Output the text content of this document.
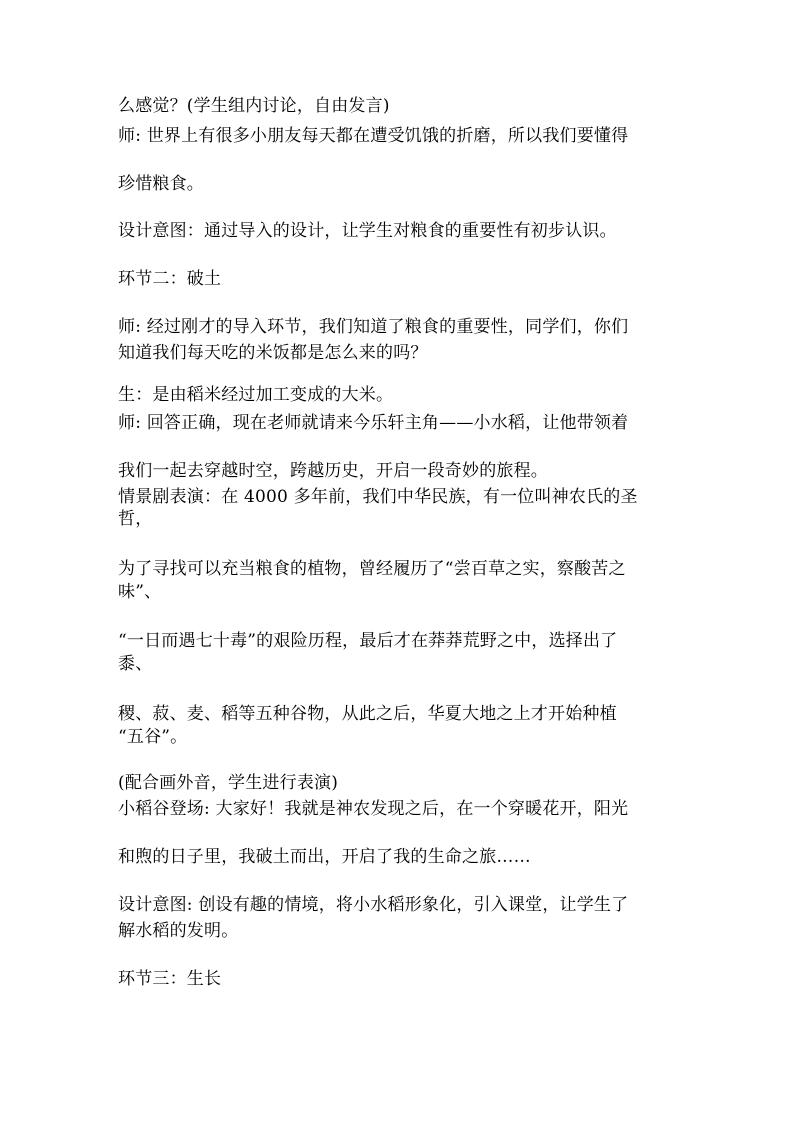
么感觉？(学生组内讨论，自由发言)
师: 世界上有很多小朋友每天都在遭受饥饿的折磨，所以我们要懂得
珍惜粮食。
设计意图：通过导入的设计，让学生对粮食的重要性有初步认识。
环节二：破土
师: 经过刚才的导入环节，我们知道了粮食的重要性，同学们，你们
知道我们每天吃的米饭都是怎么来的吗？
生：是由稻米经过加工变成的大米。
师: 回答正确，现在老师就请来今乐轩主角——小水稻，让他带领着
我们一起去穿越时空，跨越历史，开启一段奇妙的旅程。
情景剧表演：在 4000 多年前，我们中华民族，有一位叫神农氏的圣
哲，
为了寻找可以充当粮食的植物，曾经履历了“尝百草之实，察酸苦之
味”、
“一日而遇七十毒”的艰险历程，最后才在莽莽荒野之中，选择出了
黍、
稷、菽、麦、稻等五种谷物，从此之后，华夏大地之上才开始种植
“五谷”。
(配合画外音，学生进行表演)
小稻谷登场: 大家好！我就是神农发现之后，在一个穿暖花开，阳光
和煦的日子里，我破土而出，开启了我的生命之旅……
设计意图: 创设有趣的情境，将小水稻形象化，引入课堂，让学生了
解水稻的发明。
环节三：生长
